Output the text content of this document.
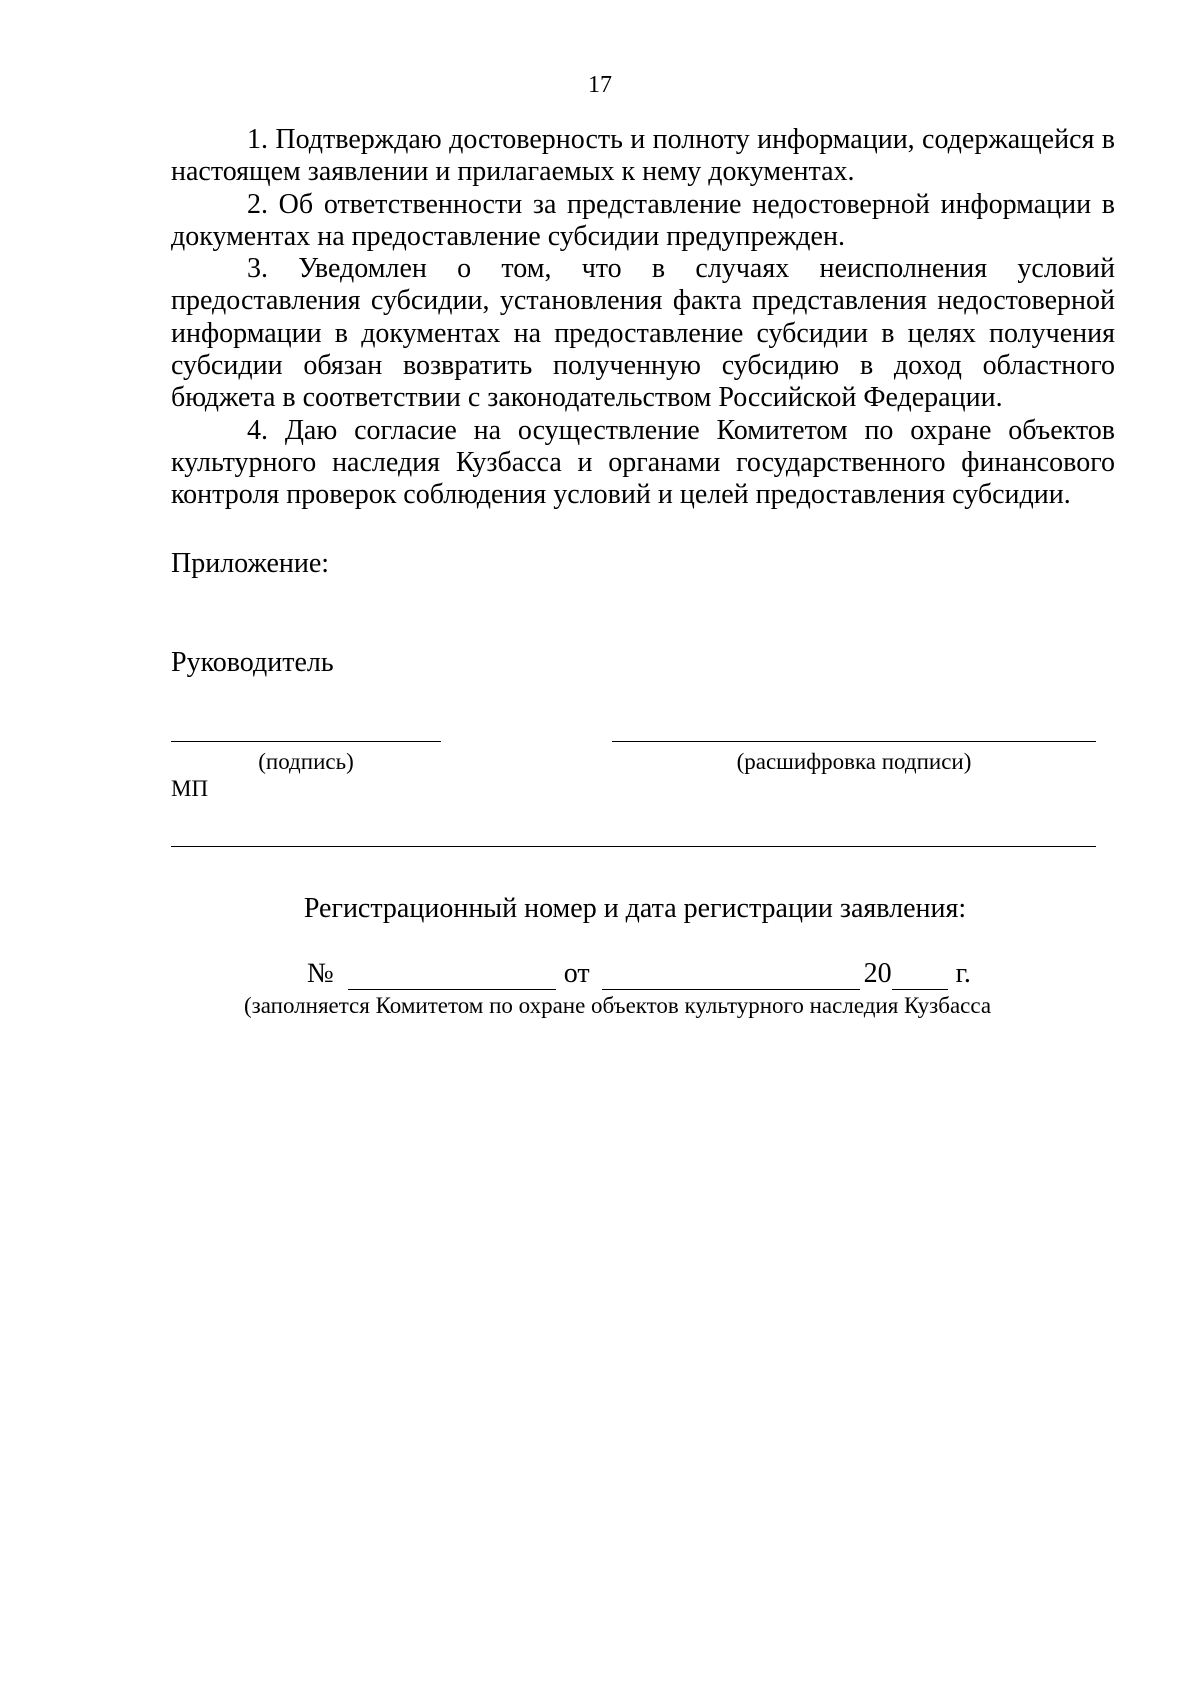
17

1. Подтверждаю достоверность и полноту информации, содержащейся в настоящем заявлении и прилагаемых к нему документах.

2. Об ответственности за представление недостоверной информации в документах на предоставление субсидии предупрежден.

3. Уведомлен о том, что в случаях неисполнения условий предоставления субсидии, установления факта представления недостоверной информации в документах на предоставление субсидии в целях получения субсидии обязан возвратить полученную субсидию в доход областного бюджета в соответствии с законодательством Российской Федерации.

4. Даю согласие на осуществление Комитетом по охране объектов культурного наследия Кузбасса и органами государственного финансового контроля проверок соблюдения условий и целей предоставления субсидии.

Приложение:
Руководитель
(подпись)	(расшифровка подписи)
МП
Регистрационный номер и дата регистрации заявления:
№	от	20 г.
(заполняется Комитетом по охране объектов культурного наследия Кузбасса
